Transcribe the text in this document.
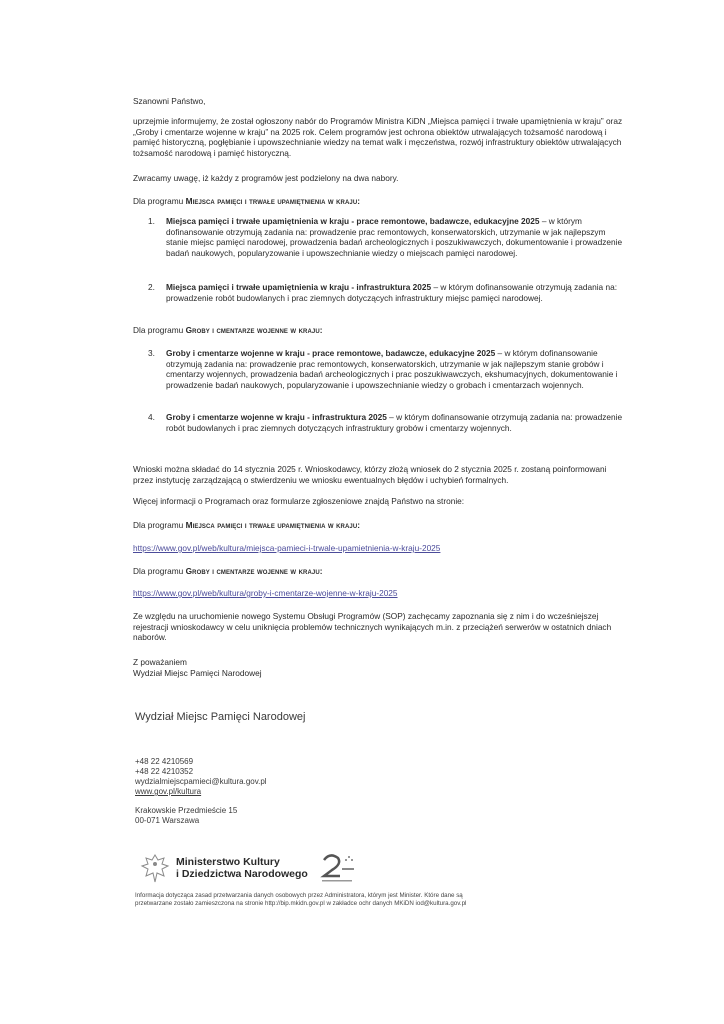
Szanowni Państwo,
uprzejmie informujemy, że został ogłoszony nabór do Programów Ministra KiDN „Miejsca pamięci i trwałe upamiętnienia w kraju” oraz „Groby i cmentarze wojenne w kraju” na 2025 rok. Celem programów jest ochrona obiektów utrwalających tożsamość narodową i pamięć historyczną, pogłębianie i upowszechnianie wiedzy na temat walk i męczeństwa, rozwój infrastruktury obiektów utrwalających tożsamość narodową i pamięć historyczną.
Zwracamy uwagę, iż każdy z programów jest podzielony na dwa nabory.
Dla programu Miejsca pamięci i trwałe upamiętnienia w kraju:
1.	Miejsca pamięci i trwałe upamiętnienia w kraju - prace remontowe, badawcze, edukacyjne 2025 – w którym dofinansowanie otrzymują zadania na: prowadzenie prac remontowych, konserwatorskich, utrzymanie w jak najlepszym stanie miejsc pamięci narodowej, prowadzenia badań archeologicznych i poszukiwawczych, dokumentowanie i prowadzenie badań naukowych, popularyzowanie i upowszechnianie wiedzy o miejscach pamięci narodowej.
2.	Miejsca pamięci i trwałe upamiętnienia w kraju - infrastruktura 2025 – w którym dofinansowanie otrzymują zadania na: prowadzenie robót budowlanych i prac ziemnych dotyczących infrastruktury miejsc pamięci narodowej.
Dla programu Groby i cmentarze wojenne w kraju:
3.	Groby i cmentarze wojenne w kraju - prace remontowe, badawcze, edukacyjne 2025 – w którym dofinansowanie otrzymują zadania na: prowadzenie prac remontowych, konserwatorskich, utrzymanie w jak najlepszym stanie grobów i cmentarzy wojennych, prowadzenia badań archeologicznych i prac poszukiwawczych, ekshumacyjnych, dokumentowanie i prowadzenie badań naukowych, popularyzowanie i upowszechnianie wiedzy o grobach i cmentarzach wojennych.
4.	Groby i cmentarze wojenne w kraju - infrastruktura 2025 – w którym dofinansowanie otrzymują zadania na: prowadzenie robót budowlanych i prac ziemnych dotyczących infrastruktury grobów i cmentarzy wojennych.
Wnioski można składać do 14 stycznia 2025 r. Wnioskodawcy, którzy złożą wniosek do 2 stycznia 2025 r. zostaną poinformowani przez instytucję zarządzającą o stwierdzeniu we wniosku ewentualnych błędów i uchybień formalnych.
Więcej informacji o Programach oraz formularze zgłoszeniowe znajdą Państwo na stronie:
Dla programu Miejsca pamięci i trwałe upamiętnienia w kraju:
https://www.gov.pl/web/kultura/miejsca-pamieci-i-trwale-upamietnienia-w-kraju-2025
Dla programu Groby i cmentarze wojenne w kraju:
https://www.gov.pl/web/kultura/groby-i-cmentarze-wojenne-w-kraju-2025
Ze względu na uruchomienie nowego Systemu Obsługi Programów (SOP) zachęcamy zapoznania się z nim i do wcześniejszej rejestracji wnioskodawcy w celu uniknięcia problemów technicznych wynikających m.in. z przeciążeń serwerów w ostatnich dniach naborów.
Z poważaniem
Wydział Miejsc Pamięci Narodowej
Wydział Miejsc Pamięci Narodowej
+48 22 4210569
+48 22 4210352
wydzialmiejscpamieci@kultura.gov.pl
www.gov.pl/kultura
Krakowskie Przedmieście 15
00-071 Warszawa
Ministerstwo Kultury
i Dziedzictwa Narodowego
Informacja dotycząca zasad przetwarzania danych osobowych przez Administratora, którym jest Minister. Które dane są przetwarzane zostało zamieszczona na stronie http://bip.mkidn.gov.pl w zakładce ochr danych MKiDN iod@kultura.gov.pl
